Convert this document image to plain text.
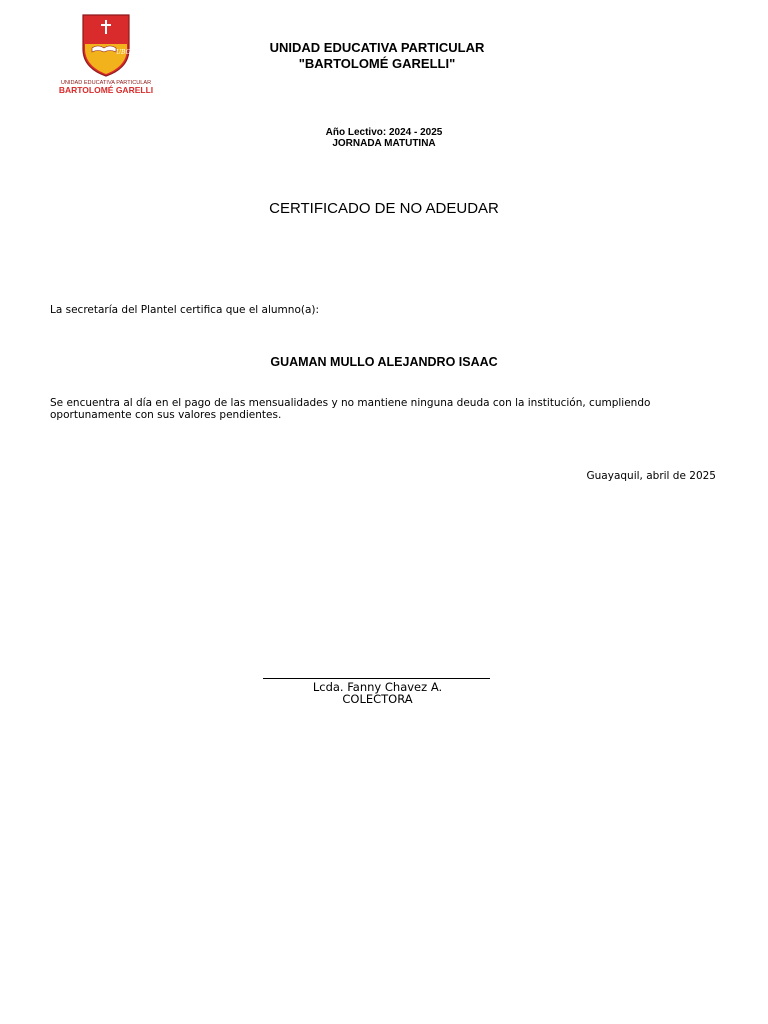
UBG
UNIDAD EDUCATIVA PARTICULAR
BARTOLOMÉ GARELLI
UNIDAD EDUCATIVA PARTICULAR
"BARTOLOMÉ GARELLI"
Año Lectivo: 2024 - 2025
JORNADA MATUTINA
CERTIFICADO DE NO ADEUDAR
La secretaría del Plantel certifica que el alumno(a):
GUAMAN MULLO ALEJANDRO ISAAC
Se encuentra al día en el pago de las mensualidades y no mantiene ninguna deuda con la institución, cumpliendo
oportunamente con sus valores pendientes.
Guayaquil, abril de 2025
Lcda. Fanny Chavez A.
COLECTORA
